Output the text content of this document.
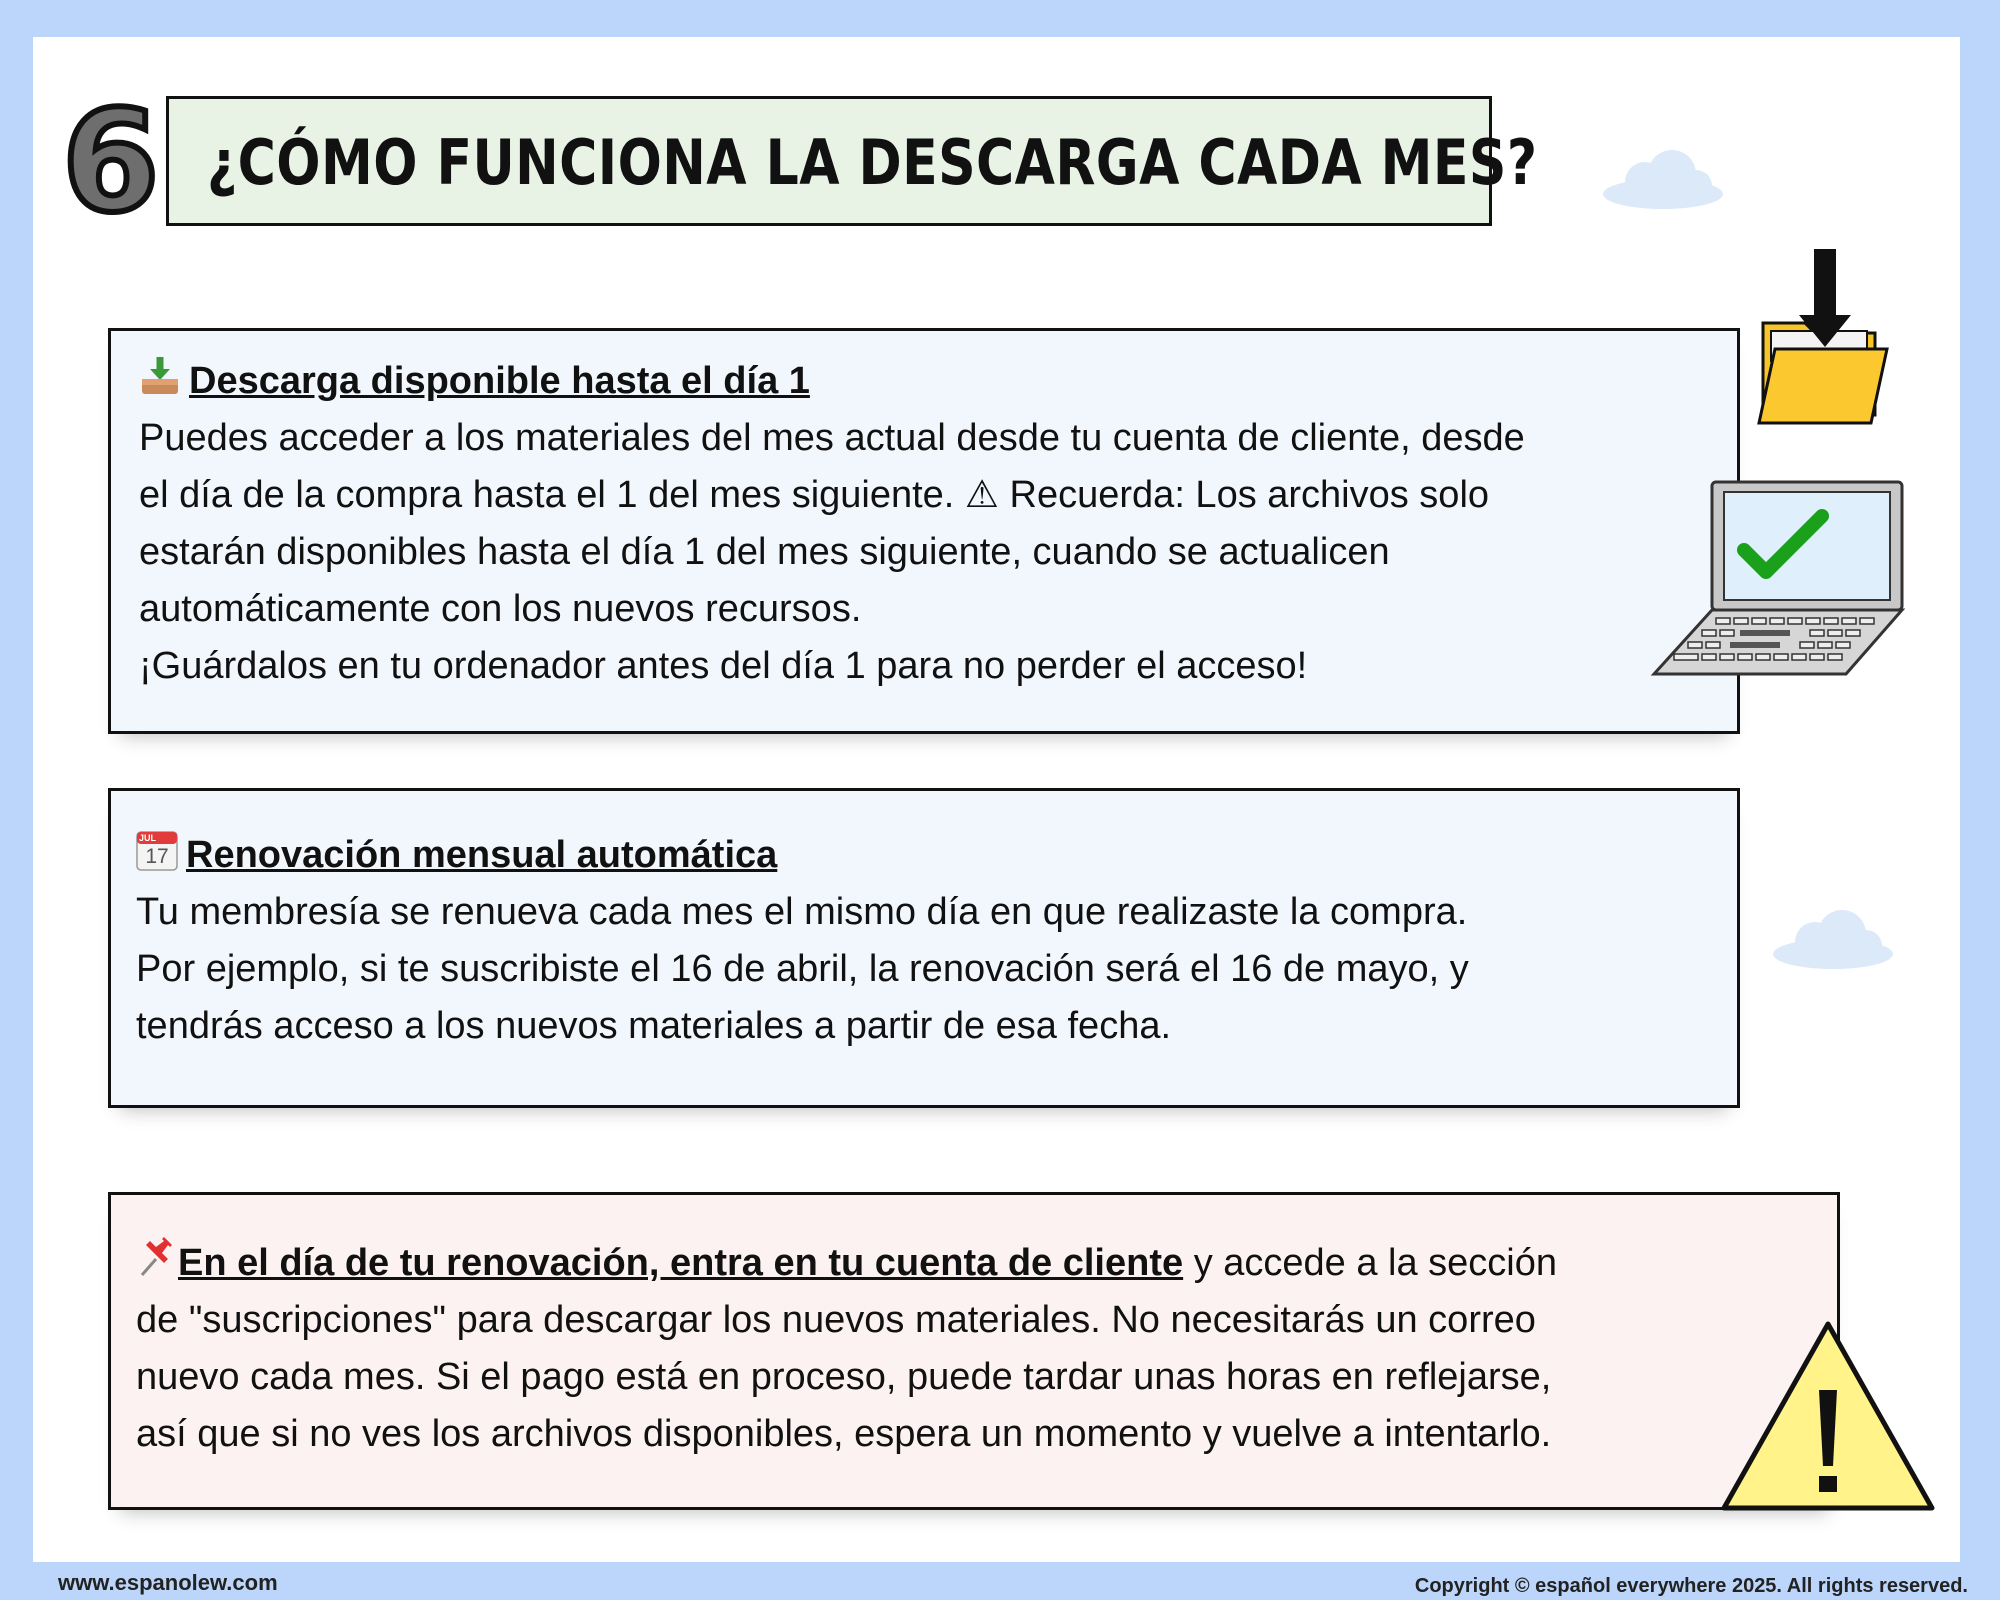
6 ¿CÓMO FUNCIONA LA DESCARGA CADA MES?
Descarga disponible hasta el día 1
Puedes acceder a los materiales del mes actual desde tu cuenta de cliente, desde
el día de la compra hasta el 1 del mes siguiente. ⚠ Recuerda: Los archivos solo
estarán disponibles hasta el día 1 del mes siguiente, cuando se actualicen
automáticamente con los nuevos recursos.
¡Guárdalos en tu ordenador antes del día 1 para no perder el acceso!
JUL
17 Renovación mensual automática
Tu membresía se renueva cada mes el mismo día en que realizaste la compra.
Por ejemplo, si te suscribiste el 16 de abril, la renovación será el 16 de mayo, y
tendrás acceso a los nuevos materiales a partir de esa fecha.
En el día de tu renovación, entra en tu cuenta de cliente y accede a la sección
de "suscripciones" para descargar los nuevos materiales. No necesitarás un correo
nuevo cada mes. Si el pago está en proceso, puede tardar unas horas en reflejarse,
así que si no ves los archivos disponibles, espera un momento y vuelve a intentarlo.
www.espanolew.com	Copyright © español everywhere 2025. All rights reserved.
